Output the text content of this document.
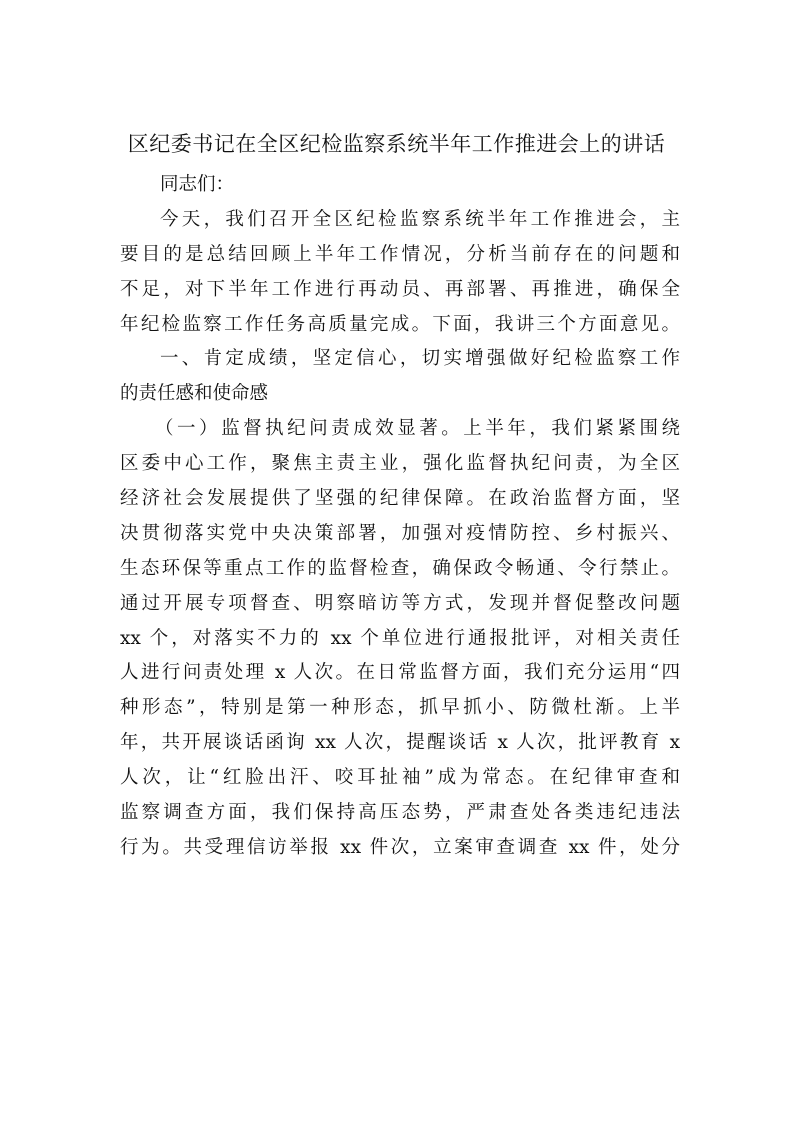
区纪委书记在全区纪检监察系统半年工作推进会上的讲话
同志们：
今天，我们召开全区纪检监察系统半年工作推进会，主
要目的是总结回顾上半年工作情况，分析当前存在的问题和
不足，对下半年工作进行再动员、再部署、再推进，确保全
年纪检监察工作任务高质量完成。下面，我讲三个方面意见。
一、肯定成绩，坚定信心，切实增强做好纪检监察工作
的责任感和使命感
（一）监督执纪问责成效显著。上半年，我们紧紧围绕
区委中心工作，聚焦主责主业，强化监督执纪问责，为全区
经济社会发展提供了坚强的纪律保障。在政治监督方面，坚
决贯彻落实党中央决策部署，加强对疫情防控、乡村振兴、
生态环保等重点工作的监督检查，确保政令畅通、令行禁止。
通过开展专项督查、明察暗访等方式，发现并督促整改问题
xx 个，对落实不力的 xx 个单位进行通报批评，对相关责任
人进行问责处理 x 人次。在日常监督方面，我们充分运用“四
种形态”，特别是第一种形态，抓早抓小、防微杜渐。上半
年，共开展谈话函询 xx 人次，提醒谈话 x 人次，批评教育 x
人次，让“红脸出汗、咬耳扯袖”成为常态。在纪律审查和
监察调查方面，我们保持高压态势，严肃查处各类违纪违法
行为。共受理信访举报 xx 件次，立案审查调查 xx 件，处分
